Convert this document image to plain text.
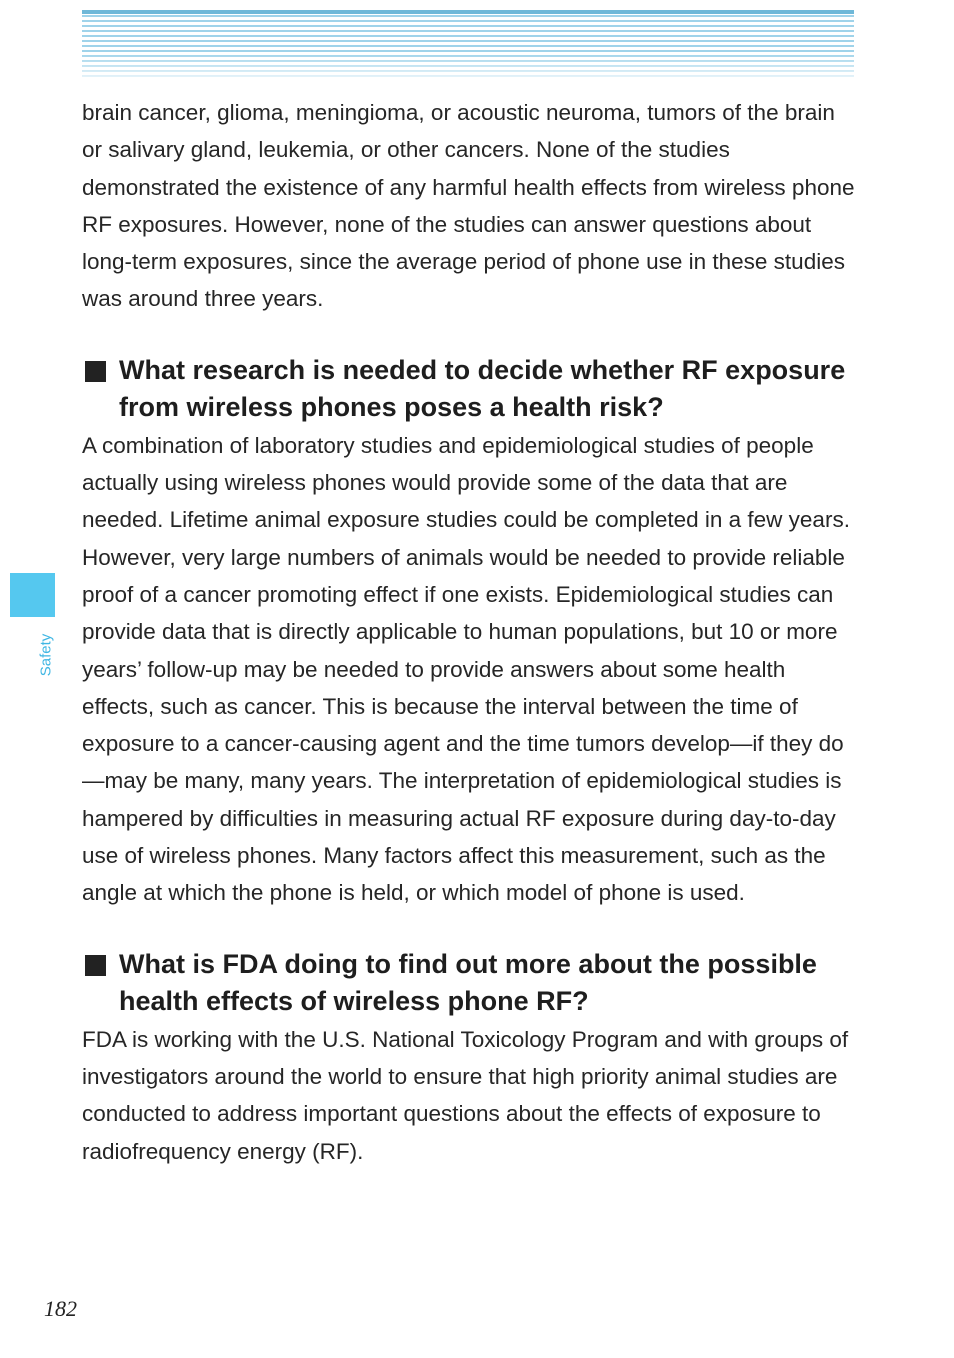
Safety

brain cancer, glioma, meningioma, or acoustic neuroma, tumors of the brain or salivary gland, leukemia, or other cancers. None of the studies demonstrated the existence of any harmful health effects from wireless phone RF exposures. However, none of the studies can answer questions about long-term exposures, since the average period of phone use in these studies was around three years.

What research is needed to decide whether RF exposure from wireless phones poses a health risk?

A combination of laboratory studies and epidemiological studies of people actually using wireless phones would provide some of the data that are needed. Lifetime animal exposure studies could be completed in a few years. However, very large numbers of animals would be needed to provide reliable proof of a cancer promoting effect if one exists. Epidemiological studies can provide data that is directly applicable to human populations, but 10 or more years’ follow-up may be needed to provide answers about some health effects, such as cancer. This is because the interval between the time of exposure to a cancer-causing agent and the time tumors develop—if they do—may be many, many years. The interpretation of epidemiological studies is hampered by difficulties in measuring actual RF exposure during day-to-day use of wireless phones. Many factors affect this measurement, such as the angle at which the phone is held, or which model of phone is used.

What is FDA doing to find out more about the possible health effects of wireless phone RF?

FDA is working with the U.S. National Toxicology Program and with groups of investigators around the world to ensure that high priority animal studies are conducted to address important questions about the effects of exposure to radiofrequency energy (RF).

182
